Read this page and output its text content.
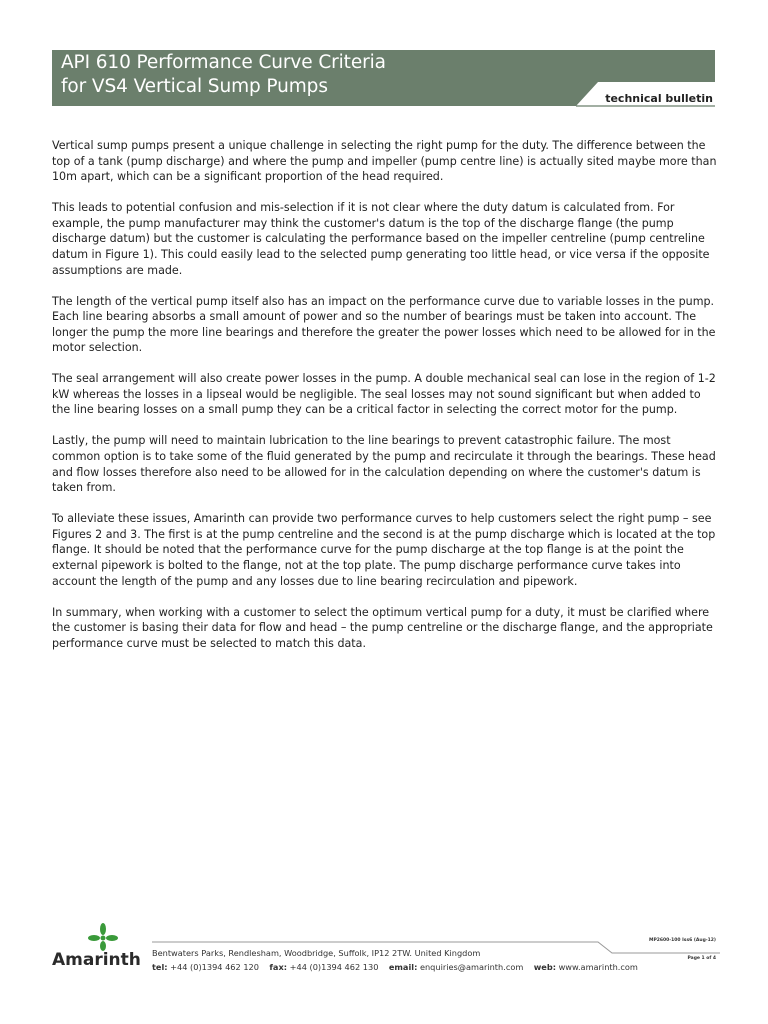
API 610 Performance Curve Criteria
for VS4 Vertical Sump Pumps
technical bulletin

Vertical sump pumps present a unique challenge in selecting the right pump for the duty. The difference between the top of a tank (pump discharge) and where the pump and impeller (pump centre line) is actually sited maybe more than 10m apart, which can be a significant proportion of the head required.

This leads to potential confusion and mis-selection if it is not clear where the duty datum is calculated from. For example, the pump manufacturer may think the customer's datum is the top of the discharge flange (the pump discharge datum) but the customer is calculating the performance based on the impeller centreline (pump centreline datum in Figure 1). This could easily lead to the selected pump generating too little head, or vice versa if the opposite assumptions are made.

The length of the vertical pump itself also has an impact on the performance curve due to variable losses in the pump. Each line bearing absorbs a small amount of power and so the number of bearings must be taken into account. The longer the pump the more line bearings and therefore the greater the power losses which need to be allowed for in the motor selection.

The seal arrangement will also create power losses in the pump. A double mechanical seal can lose in the region of 1-2 kW whereas the losses in a lipseal would be negligible. The seal losses may not sound significant but when added to the line bearing losses on a small pump they can be a critical factor in selecting the correct motor for the pump.

Lastly, the pump will need to maintain lubrication to the line bearings to prevent catastrophic failure. The most common option is to take some of the fluid generated by the pump and recirculate it through the bearings. These head and flow losses therefore also need to be allowed for in the calculation depending on where the customer's datum is taken from.

To alleviate these issues, Amarinth can provide two performance curves to help customers select the right pump – see Figures 2 and 3. The first is at the pump centreline and the second is at the pump discharge which is located at the top flange. It should be noted that the performance curve for the pump discharge at the top flange is at the point the external pipework is bolted to the flange, not at the top plate. The pump discharge performance curve takes into account the length of the pump and any losses due to line bearing recirculation and pipework.

In summary, when working with a customer to select the optimum vertical pump for a duty, it must be clarified where the customer is basing their data for flow and head – the pump centreline or the discharge flange, and the appropriate performance curve must be selected to match this data.

Amarinth Bentwaters Parks, Rendlesham, Woodbridge, Suffolk, IP12 2TW. United Kingdom
tel: +44 (0)1394 462 120 fax: +44 (0)1394 462 130 email: enquiries@amarinth.com web: www.amarinth.com
MP2600-100 Iss6 (Aug-12)
Page 1 of 4
